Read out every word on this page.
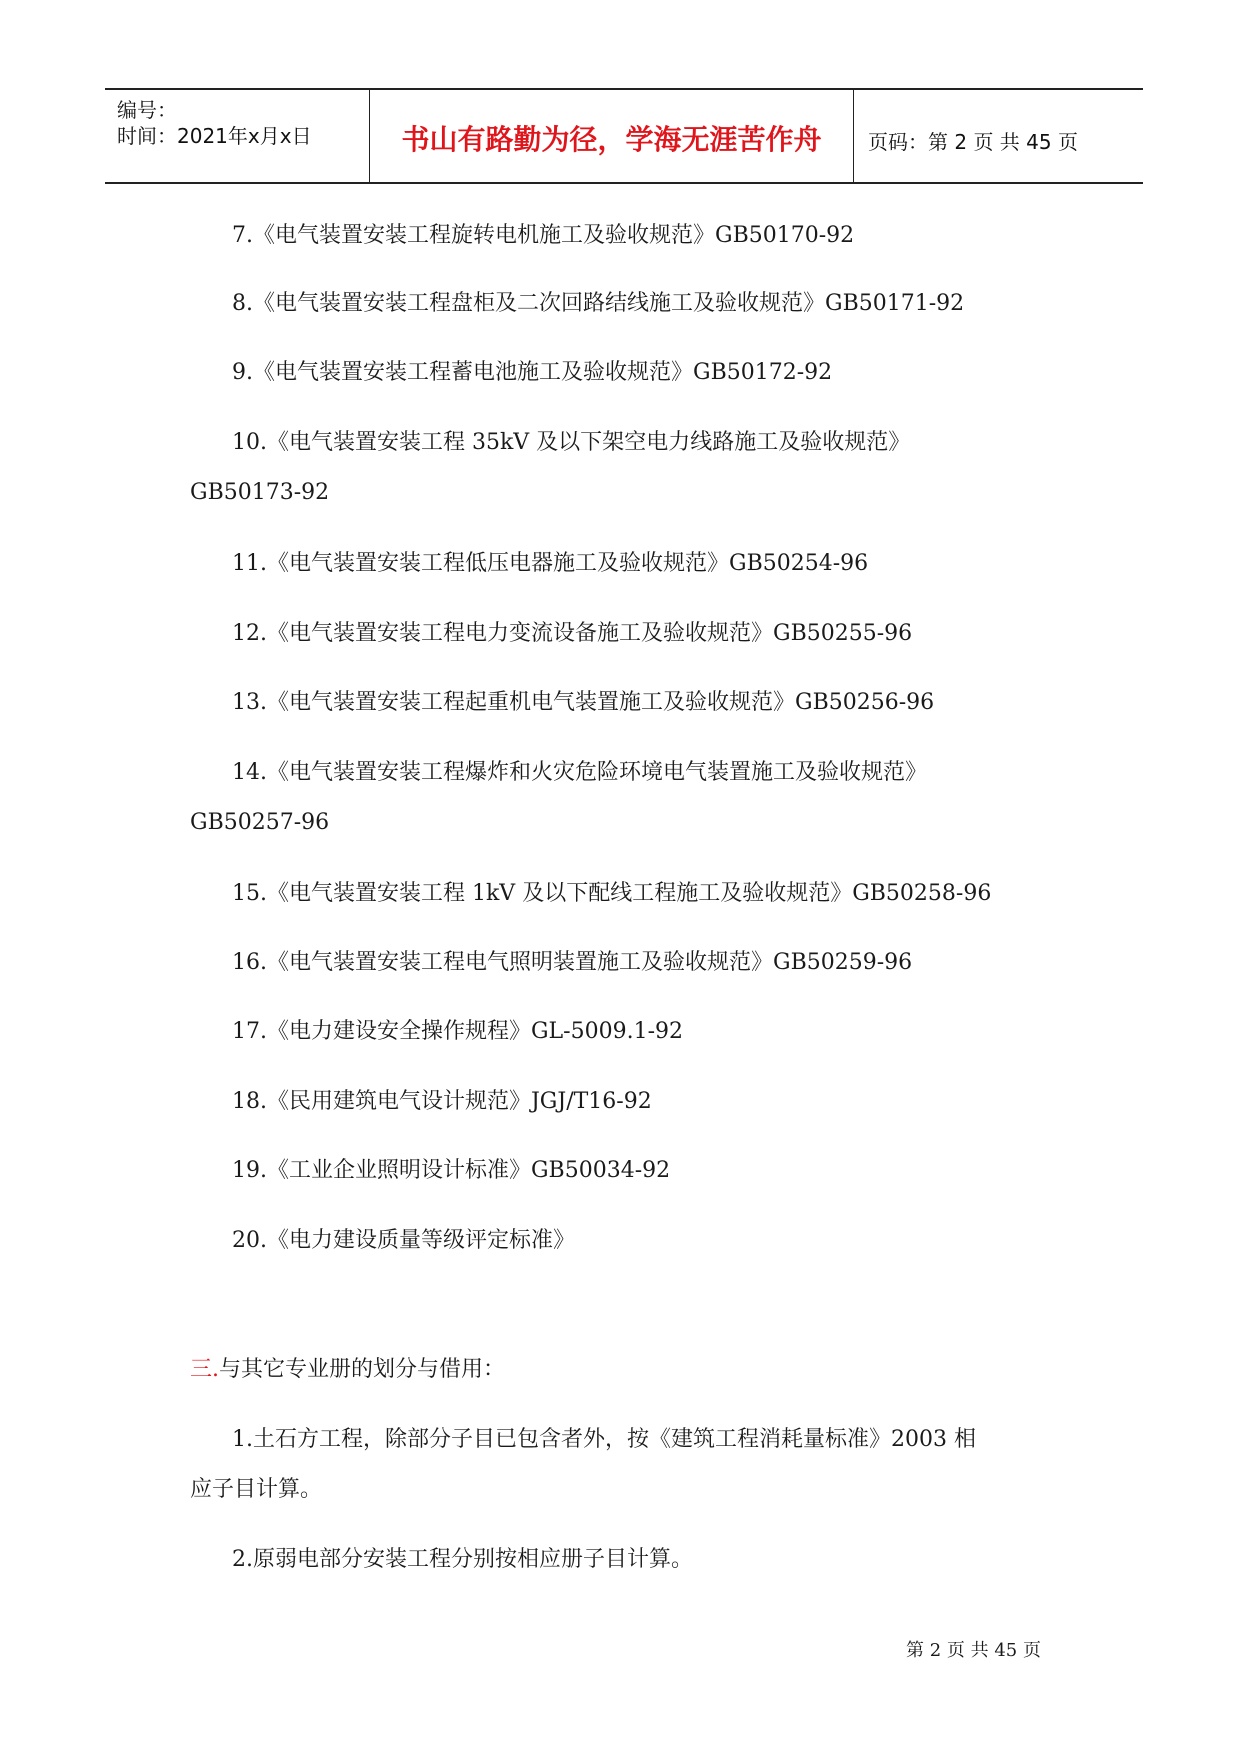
编号：
时间：2021年x月x日	书山有路勤为径，学海无涯苦作舟	页码：第 2 页 共 45 页
7.《电气装置安装工程旋转电机施工及验收规范》GB50170-92
8.《电气装置安装工程盘柜及二次回路结线施工及验收规范》GB50171-92
9.《电气装置安装工程蓄电池施工及验收规范》GB50172-92
10.《电气装置安装工程 35kV 及以下架空电力线路施工及验收规范》
GB50173-92
11.《电气装置安装工程低压电器施工及验收规范》GB50254-96
12.《电气装置安装工程电力变流设备施工及验收规范》GB50255-96
13.《电气装置安装工程起重机电气装置施工及验收规范》GB50256-96
14.《电气装置安装工程爆炸和火灾危险环境电气装置施工及验收规范》
GB50257-96
15.《电气装置安装工程 1kV 及以下配线工程施工及验收规范》GB50258-96
16.《电气装置安装工程电气照明装置施工及验收规范》GB50259-96
17.《电力建设安全操作规程》GL-5009.1-92
18.《民用建筑电气设计规范》JGJ/T16-92
19.《工业企业照明设计标准》GB50034-92
20.《电力建设质量等级评定标准》
三.与其它专业册的划分与借用：
1.土石方工程，除部分子目已包含者外，按《建筑工程消耗量标准》2003 相
应子目计算。
2.原弱电部分安装工程分别按相应册子目计算。
第 2 页 共 45 页
